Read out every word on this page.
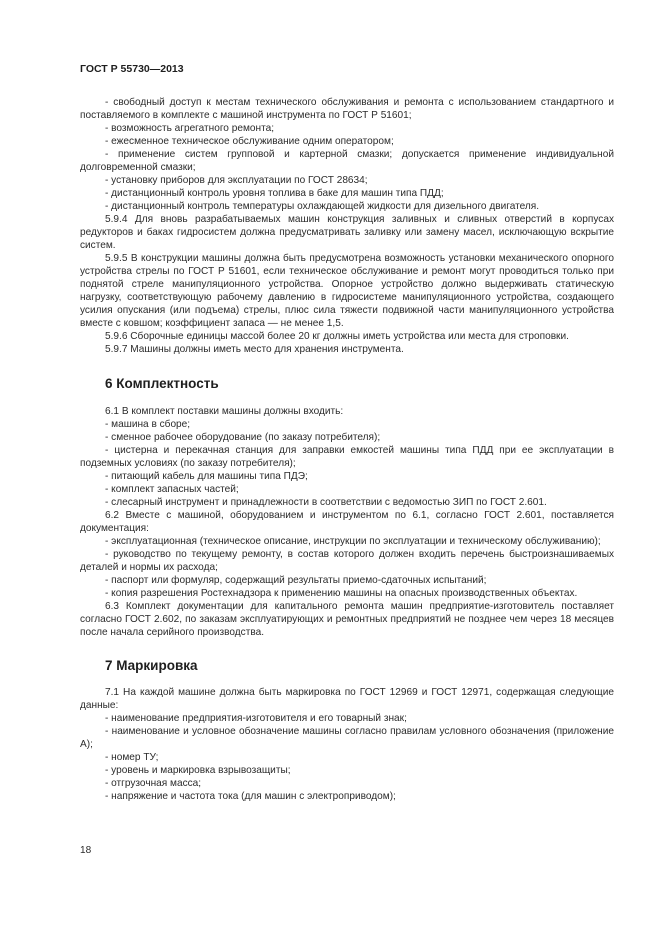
ГОСТ Р 55730—2013

- свободный доступ к местам технического обслуживания и ремонта с использованием стандартного и поставляемого в комплекте с машиной инструмента по ГОСТ Р 51601;

- возможность агрегатного ремонта;

- ежесменное техническое обслуживание одним оператором;

- применение систем групповой и картерной смазки; допускается применение индивидуальной долговременной смазки;

- установку приборов для эксплуатации по ГОСТ 28634;

- дистанционный контроль уровня топлива в баке для машин типа ПДД;

- дистанционный контроль температуры охлаждающей жидкости для дизельного двигателя.

5.9.4 Для вновь разрабатываемых машин конструкция заливных и сливных отверстий в корпусах редукторов и баках гидросистем должна предусматривать заливку или замену масел, исключающую вскрытие систем.

5.9.5 В конструкции машины должна быть предусмотрена возможность установки механического опорного устройства стрелы по ГОСТ Р 51601, если техническое обслуживание и ремонт могут проводиться только при поднятой стреле манипуляционного устройства. Опорное устройство должно выдерживать статическую нагрузку, соответствующую рабочему давлению в гидросистеме манипуляционного устройства, создающего усилия опускания (или подъема) стрелы, плюс сила тяжести подвижной части манипуляционного устройства вместе с ковшом; коэффициент запаса — не менее 1,5.

5.9.6 Сборочные единицы массой более 20 кг должны иметь устройства или места для строповки.

5.9.7 Машины должны иметь место для хранения инструмента.

6 Комплектность

6.1 В комплект поставки машины должны входить:

- машина в сборе;

- сменное рабочее оборудование (по заказу потребителя);

- цистерна и перекачная станция для заправки емкостей машины типа ПДД при ее эксплуатации в подземных условиях (по заказу потребителя);

- питающий кабель для машины типа ПДЭ;

- комплект запасных частей;

- слесарный инструмент и принадлежности в соответствии с ведомостью ЗИП по ГОСТ 2.601.

6.2 Вместе с машиной, оборудованием и инструментом по 6.1, согласно ГОСТ 2.601, поставляется документация:

- эксплуатационная (техническое описание, инструкции по эксплуатации и техническому обслуживанию);

- руководство по текущему ремонту, в состав которого должен входить перечень быстроизнашиваемых деталей и нормы их расхода;

- паспорт или формуляр, содержащий результаты приемо-сдаточных испытаний;

- копия разрешения Ростехнадзора к применению машины на опасных производственных объектах.

6.3 Комплект документации для капитального ремонта машин предприятие-изготовитель поставляет согласно ГОСТ 2.602, по заказам эксплуатирующих и ремонтных предприятий не позднее чем через 18 месяцев после начала серийного производства.

7 Маркировка

7.1 На каждой машине должна быть маркировка по ГОСТ 12969 и ГОСТ 12971, содержащая следующие данные:

- наименование предприятия-изготовителя и его товарный знак;

- наименование и условное обозначение машины согласно правилам условного обозначения (приложение А);

- номер ТУ;

- уровень и маркировка взрывозащиты;

- отгрузочная масса;

- напряжение и частота тока (для машин с электроприводом);

18
